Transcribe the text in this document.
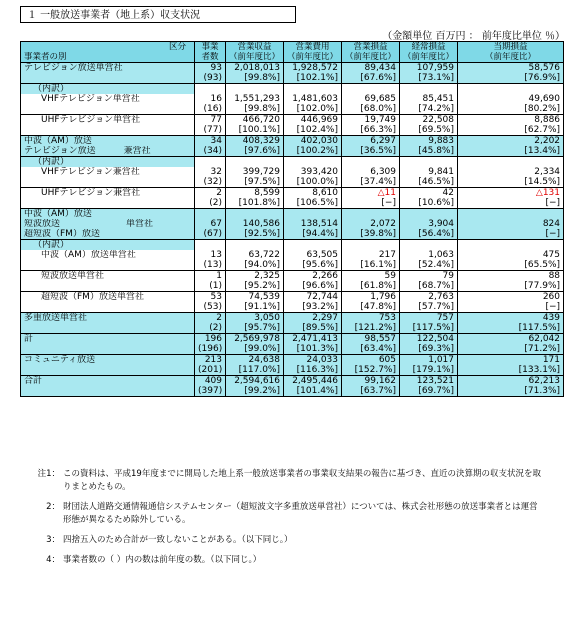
１ 一般放送事業者（地上系）収支状況
（金額単位 百万円 ： 前年度比単位 ％）
区分	事業	営業収益	営業費用	営業損益	経常損益	当期損益
事業者の別	者数	（前年度比）	（前年度比）	（前年度比）	（前年度比）	（前年度比）
テレビジョン放送単営社	93	2,018,013	1,928,572	89,434	107,959	58,576
	(93)	[99.8%]	[102.1%]	[67.6%]	[73.1%]	[76.9%]
（内訳）						
VHFテレビジョン単営社	16	1,551,293	1,481,603	69,685	85,451	49,690
	(16)	[99.8%]	[102.0%]	[68.0%]	[74.2%]	[80.2%]
UHFテレビジョン単営社	77	466,720	446,969	19,749	22,508	8,886
	(77)	[100.1%]	[102.4%]	[66.3%]	[69.5%]	[62.7%]
中波（AM）放送	34	408,329	402,030	6,297	9,883	2,202
テレビジョン放送 兼営社	(34)	[97.6%]	[100.2%]	[36.5%]	[45.8%]	[13.4%]
（内訳）						
VHFテレビジョン兼営社	32	399,729	393,420	6,309	9,841	2,334
	(32)	[97.5%]	[100.0%]	[37.4%]	[46.5%]	[14.5%]
UHFテレビジョン兼営社	2	8,599	8,610	△11	42	△131
	(2)	[101.8%]	[106.5%]	[−]	[10.6%]	[−]
中波（AM）放送						
短波放送 単営社	67	140,586	138,514	2,072	3,904	824
超短波（FM）放送	(67)	[92.5%]	[94.4%]	[39.8%]	[56.4%]	[−]
（内訳）						
中波（AM）放送単営社	13	63,722	63,505	217	1,063	475
	(13)	[94.0%]	[95.6%]	[16.1%]	[52.4%]	[65.5%]
短波放送単営社	1	2,325	2,266	59	79	88
	(1)	[95.2%]	[96.6%]	[61.8%]	[68.7%]	[77.9%]
超短波（FM）放送単営社	53	74,539	72,744	1,796	2,763	260
	(53)	[91.1%]	[93.2%]	[47.8%]	[57.7%]	[−]
多重放送単営社	2	3,050	2,297	753	757	439
	(2)	[95.7%]	[89.5%]	[121.2%]	[117.5%]	[117.5%]
計	196	2,569,978	2,471,413	98,557	122,504	62,042
	(196)	[99.0%]	[101.3%]	[63.4%]	[69.3%]	[71.2%]
コミュニティ放送	213	24,638	24,033	605	1,017	171
	(201)	[117.0%]	[116.3%]	[152.7%]	[179.1%]	[133.1%]
合計	409	2,594,616	2,495,446	99,162	123,521	62,213
	(397)	[99.2%]	[101.4%]	[63.7%]	[69.7%]	[71.3%]
注1： この資料は、平成19年度までに開局した地上系一般放送事業者の事業収支結果の報告に基づき、直近の決算期の収支状況を取りまとめたもの。
2： 財団法人道路交通情報通信システムセンター（超短波文字多重放送単営社）については、株式会社形態の放送事業者とは運営形態が異なるため除外している。
3： 四捨五入のため合計が一致しないことがある。（以下同じ。）
4： 事業者数の（ ）内の数は前年度の数。（以下同じ。）
